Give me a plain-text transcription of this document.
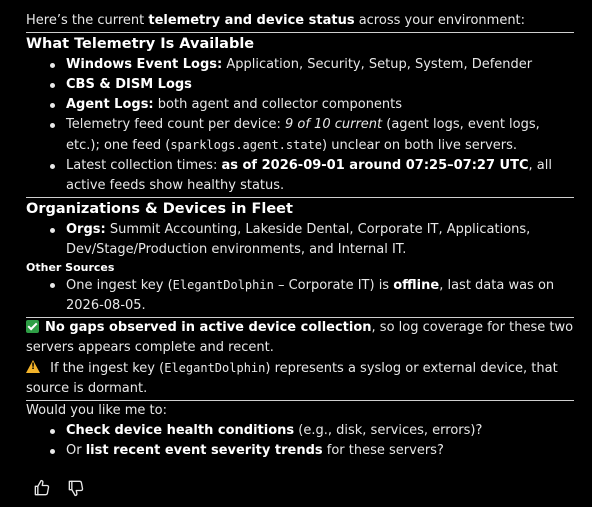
Here’s the current telemetry and device status across your environment:

What Telemetry Is Available
Windows Event Logs: Application, Security, Setup, System, Defender
CBS & DISM Logs
Agent Logs: both agent and collector components
Telemetry feed count per device: 9 of 10 current (agent logs, event logs, etc.); one feed (sparklogs.agent.state) unclear on both live servers.
Latest collection times: as of 2026-09-01 around 07:25–07:27 UTC, all active feeds show healthy status.
Organizations & Devices in Fleet
Orgs: Summit Accounting, Lakeside Dental, Corporate IT, Applications, Dev/Stage/Production environments, and Internal IT.
Other Sources
One ingest key (ElegantDolphin – Corporate IT) is offline, last data was on 2026-08-05.

No gaps observed in active device collection, so log coverage for these two servers appears complete and recent.

! If the ingest key (ElegantDolphin) represents a syslog or external device, that source is dormant.

Would you like me to:

Check device health conditions (e.g., disk, services, errors)?
Or list recent event severity trends for these servers?
